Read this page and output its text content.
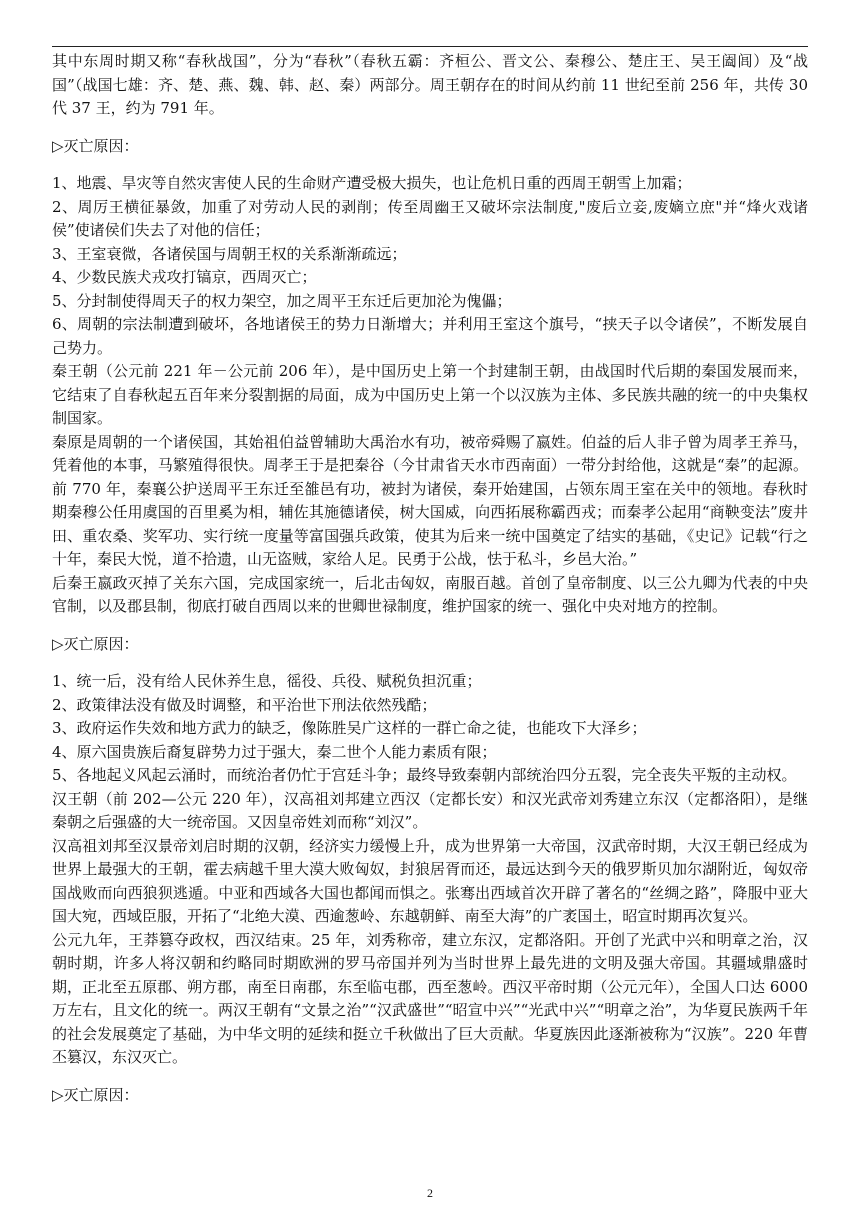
其中东周时期又称“春秋战国”，分为“春秋”（春秋五霸：齐桓公、晋文公、秦穆公、楚庄王、吴王阖闾）及“战国”（战国七雄：齐、楚、燕、魏、韩、赵、秦）两部分。周王朝存在的时间从约前 11 世纪至前 256 年，共传 30 代 37 王，约为 791 年。

▷灭亡原因：

1、地震、旱灾等自然灾害使人民的生命财产遭受极大损失，也让危机日重的西周王朝雪上加霜；

2、周厉王横征暴敛，加重了对劳动人民的剥削；传至周幽王又破坏宗法制度,"废后立妾,废嫡立庶"并“烽火戏诸侯”使诸侯们失去了对他的信任；

3、王室衰微，各诸侯国与周朝王权的关系渐渐疏远；

4、少数民族犬戎攻打镐京，西周灭亡；

5、分封制使得周天子的权力架空，加之周平王东迁后更加沦为傀儡；

6、周朝的宗法制遭到破坏，各地诸侯王的势力日渐增大；并利用王室这个旗号，“挟天子以令诸侯”，不断发展自己势力。

秦王朝（公元前 221 年－公元前 206 年），是中国历史上第一个封建制王朝，由战国时代后期的秦国发展而来，它结束了自春秋起五百年来分裂割据的局面，成为中国历史上第一个以汉族为主体、多民族共融的统一的中央集权制国家。

秦原是周朝的一个诸侯国，其始祖伯益曾辅助大禹治水有功，被帝舜赐了嬴姓。伯益的后人非子曾为周孝王养马，凭着他的本事，马繁殖得很快。周孝王于是把秦谷（今甘肃省天水市西南面）一带分封给他，这就是“秦”的起源。前 770 年，秦襄公护送周平王东迁至雒邑有功，被封为诸侯，秦开始建国，占领东周王室在关中的领地。春秋时期秦穆公任用虞国的百里奚为相，辅佐其施德诸侯，树大国威，向西拓展称霸西戎；而秦孝公起用“商鞅变法”废井田、重农桑、奖军功、实行统一度量等富国强兵政策，使其为后来一统中国奠定了结实的基础，《史记》记载“行之十年，秦民大悦，道不拾遗，山无盗贼，家给人足。民勇于公战，怯于私斗，乡邑大治。”

后秦王嬴政灭掉了关东六国，完成国家统一，后北击匈奴，南服百越。首创了皇帝制度、以三公九卿为代表的中央官制，以及郡县制，彻底打破自西周以来的世卿世禄制度，维护国家的统一、强化中央对地方的控制。

▷灭亡原因：

1、统一后，没有给人民休养生息，徭役、兵役、赋税负担沉重；

2、政策律法没有做及时调整，和平治世下刑法依然残酷；

3、政府运作失效和地方武力的缺乏，像陈胜吴广这样的一群亡命之徒，也能攻下大泽乡；

4、原六国贵族后裔复辟势力过于强大，秦二世个人能力素质有限；

5、各地起义风起云涌时，而统治者仍忙于宫廷斗争；最终导致秦朝内部统治四分五裂，完全丧失平叛的主动权。

汉王朝（前 202—公元 220 年），汉高祖刘邦建立西汉（定都长安）和汉光武帝刘秀建立东汉（定都洛阳），是继秦朝之后强盛的大一统帝国。又因皇帝姓刘而称“刘汉”。

汉高祖刘邦至汉景帝刘启时期的汉朝，经济实力缓慢上升，成为世界第一大帝国，汉武帝时期，大汉王朝已经成为世界上最强大的王朝，霍去病越千里大漠大败匈奴，封狼居胥而还，最远达到今天的俄罗斯贝加尔湖附近，匈奴帝国战败而向西狼狈逃遁。中亚和西域各大国也都闻而惧之。张骞出西域首次开辟了著名的“丝绸之路”，降服中亚大国大宛，西域臣服，开拓了“北绝大漠、西逾葱岭、东越朝鲜、南至大海”的广袤国土，昭宣时期再次复兴。

公元九年，王莽篡夺政权，西汉结束。25 年，刘秀称帝，建立东汉，定都洛阳。开创了光武中兴和明章之治，汉朝时期，许多人将汉朝和约略同时期欧洲的罗马帝国并列为当时世界上最先进的文明及强大帝国。其疆域鼎盛时期，正北至五原郡、朔方郡，南至日南郡，东至临屯郡，西至葱岭。西汉平帝时期（公元元年），全国人口达 6000 万左右，且文化的统一。两汉王朝有“文景之治”“汉武盛世”“昭宣中兴”“光武中兴”“明章之治”，为华夏民族两千年的社会发展奠定了基础，为中华文明的延续和挺立千秋做出了巨大贡献。华夏族因此逐渐被称为“汉族”。220 年曹丕篡汉，东汉灭亡。

▷灭亡原因：

2
